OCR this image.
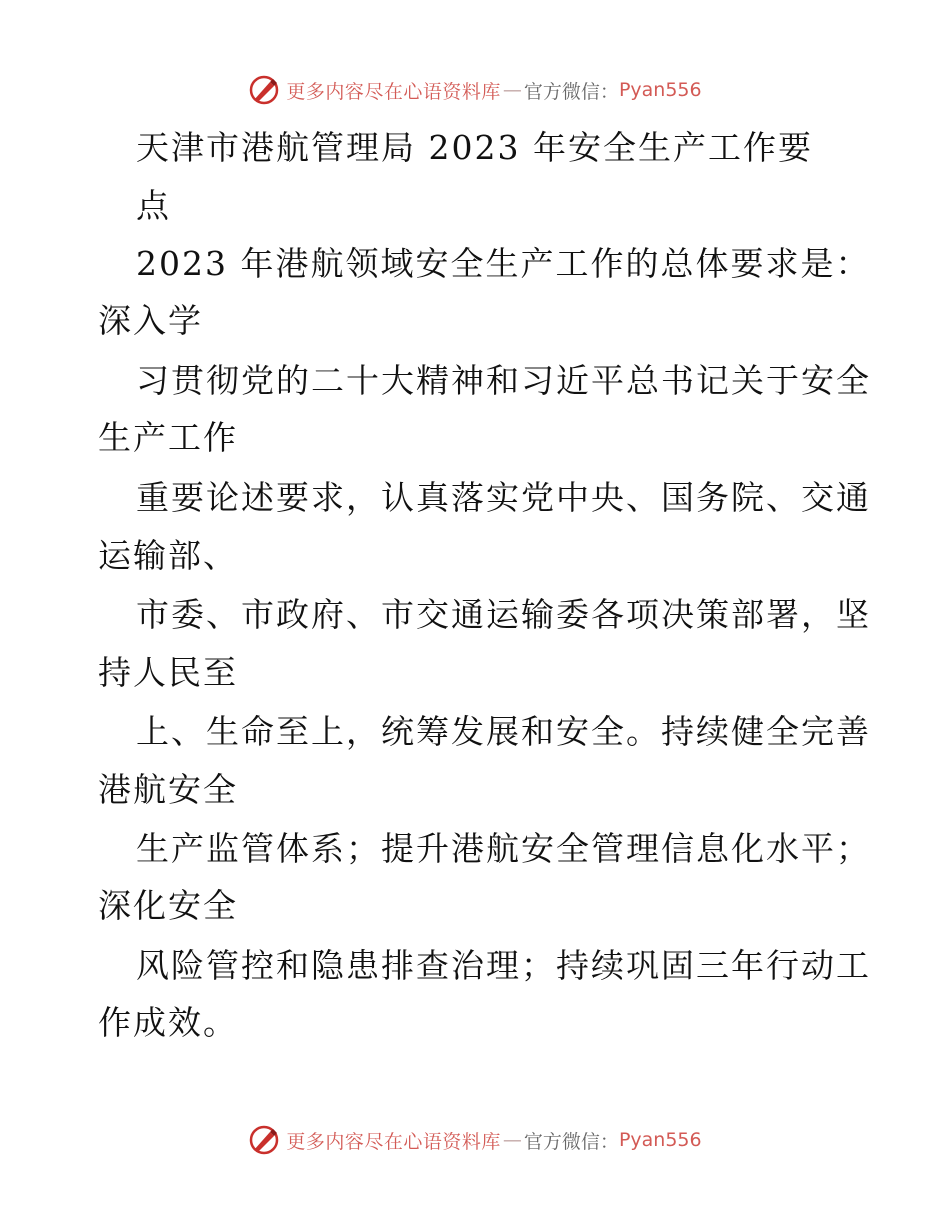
更多内容尽在心语资料库 — 官方微信： Pyan556
天津市港航管理局 2023 年安全生产工作要
点
2023 年港航领域安全生产工作的总体要求是：
深入学
习贯彻党的二十大精神和习近平总书记关于安全
生产工作
重要论述要求，认真落实党中央、国务院、交通
运输部、
市委、市政府、市交通运输委各项决策部署，坚
持人民至
上、生命至上，统筹发展和安全。持续健全完善
港航安全
生产监管体系；提升港航安全管理信息化水平；
深化安全
风险管控和隐患排查治理；持续巩固三年行动工
作成效。
更多内容尽在心语资料库 — 官方微信： Pyan556
